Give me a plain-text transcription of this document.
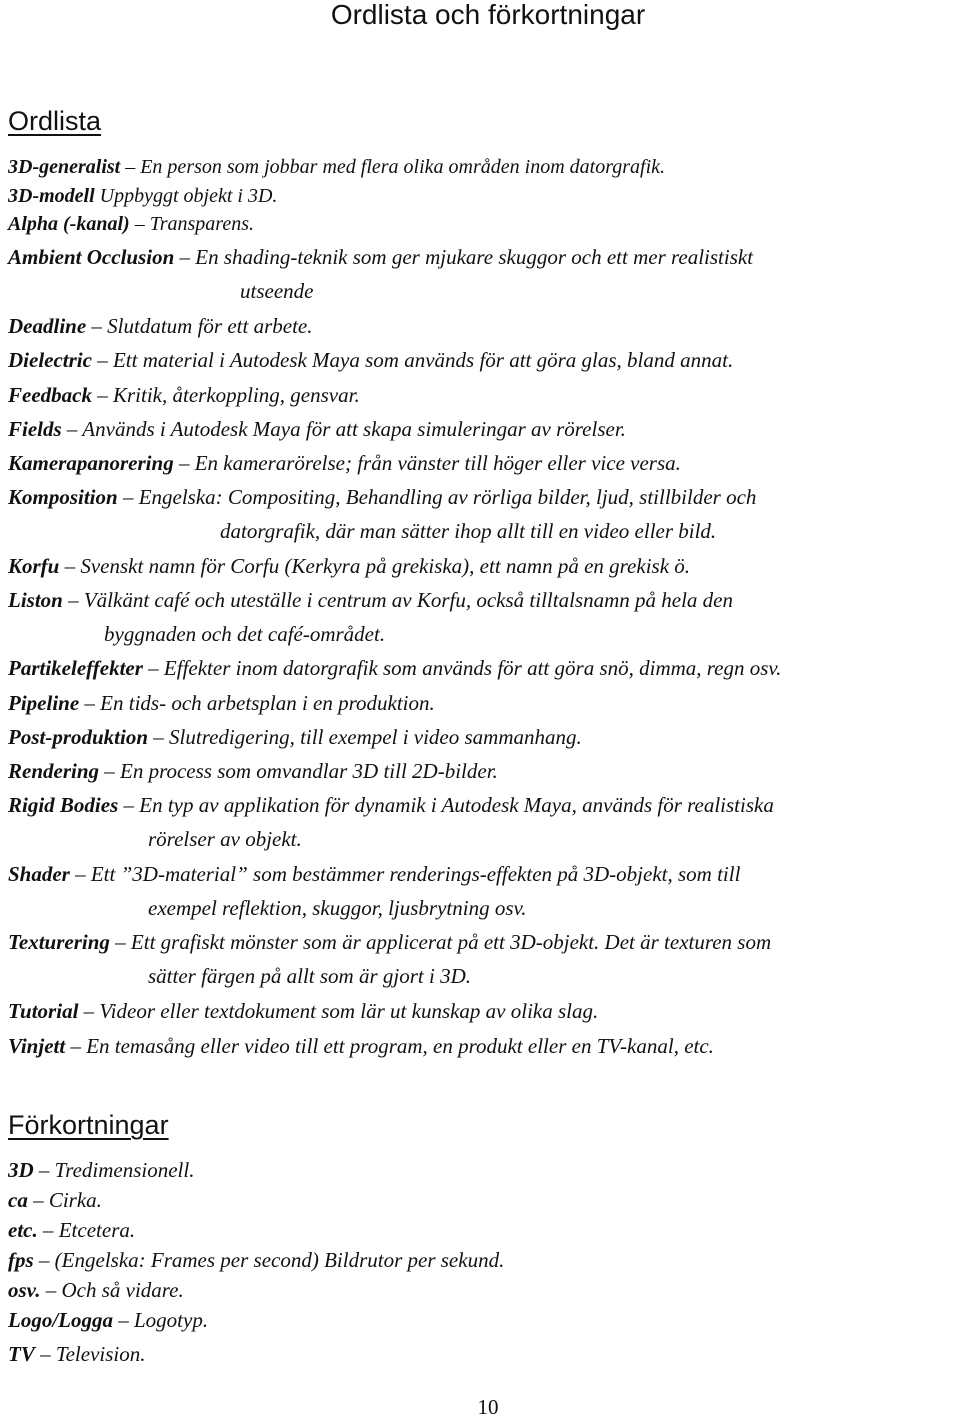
Ordlista och förkortningar
Ordlista

3D-generalist – En person som jobbar med flera olika områden inom datorgrafik.

3D-modell Uppbyggt objekt i 3D.

Alpha (-kanal) – Transparens.

Ambient Occlusion – En shading-teknik som ger mjukare skuggor och ett mer realistiskt
utseende

Deadline – Slutdatum för ett arbete.

Dielectric – Ett material i Autodesk Maya som används för att göra glas, bland annat.

Feedback – Kritik, återkoppling, gensvar.

Fields – Används i Autodesk Maya för att skapa simuleringar av rörelser.

Kamerapanorering – En kamerarörelse; från vänster till höger eller vice versa.

Komposition – Engelska: Compositing, Behandling av rörliga bilder, ljud, stillbilder och
datorgrafik, där man sätter ihop allt till en video eller bild.

Korfu – Svenskt namn för Corfu (Kerkyra på grekiska), ett namn på en grekisk ö.

Liston – Välkänt café och uteställe i centrum av Korfu, också tilltalsnamn på hela den
byggnaden och det café-området.

Partikeleffekter – Effekter inom datorgrafik som används för att göra snö, dimma, regn osv.

Pipeline – En tids- och arbetsplan i en produktion.

Post-produktion – Slutredigering, till exempel i video sammanhang.

Rendering – En process som omvandlar 3D till 2D-bilder.

Rigid Bodies – En typ av applikation för dynamik i Autodesk Maya, används för realistiska
rörelser av objekt.

Shader – Ett ”3D-material” som bestämmer renderings-effekten på 3D-objekt, som till
exempel reflektion, skuggor, ljusbrytning osv.

Texturering – Ett grafiskt mönster som är applicerat på ett 3D-objekt. Det är texturen som
sätter färgen på allt som är gjort i 3D.

Tutorial – Videor eller textdokument som lär ut kunskap av olika slag.

Vinjett – En temasång eller video till ett program, en produkt eller en TV-kanal, etc.

Förkortningar

3D – Tredimensionell.

ca – Cirka.

etc. – Etcetera.

fps – (Engelska: Frames per second) Bildrutor per sekund.

osv. – Och så vidare.

Logo/Logga – Logotyp.

TV – Television.

10
